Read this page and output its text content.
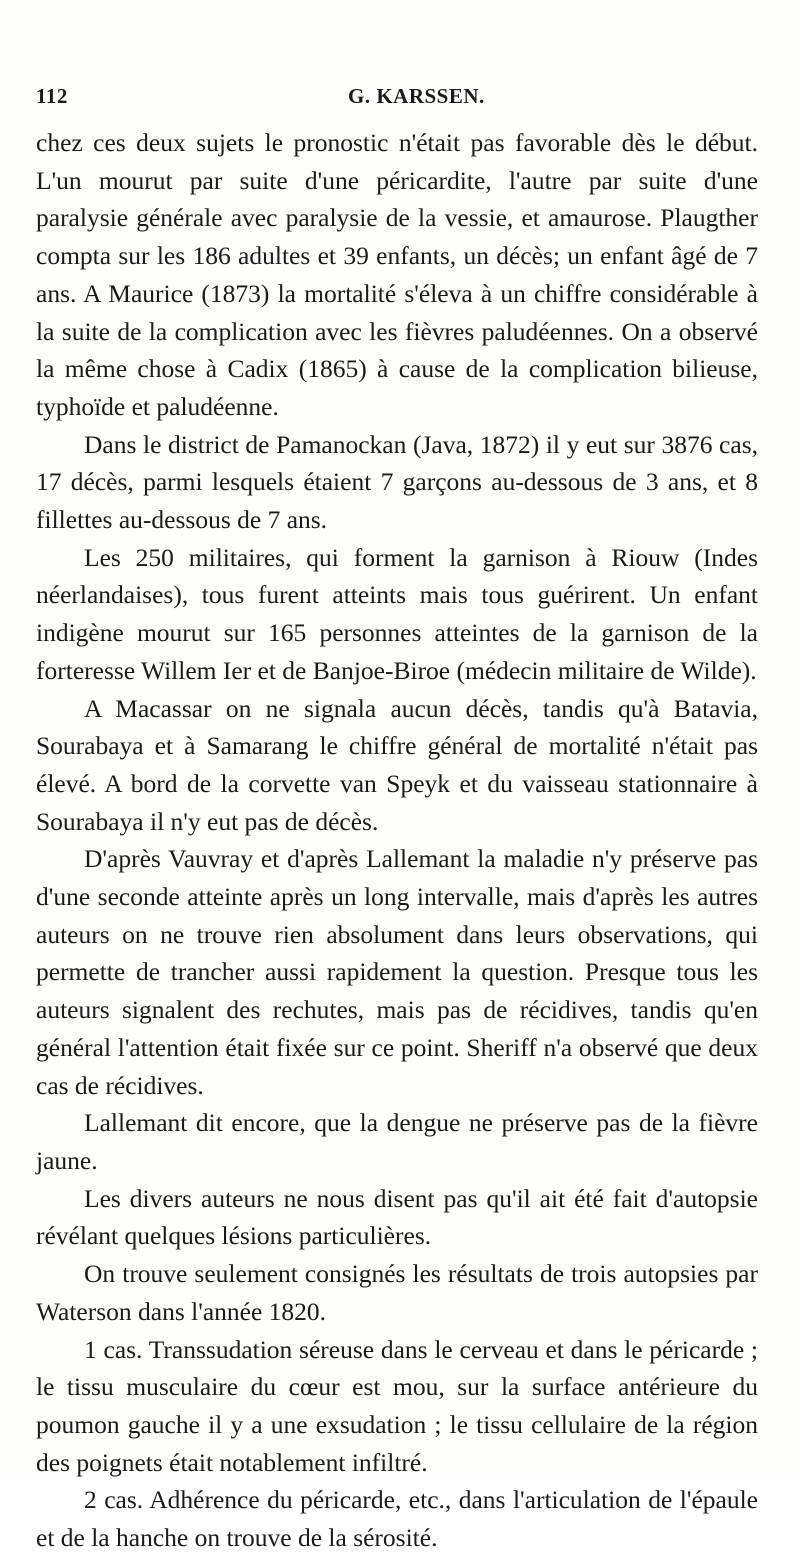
112	G. KARSSEN.

chez ces deux sujets le pronostic n'était pas favorable dès le début. L'un mourut par suite d'une péricardite, l'autre par suite d'une paralysie générale avec paralysie de la vessie, et amaurose. Plaugther compta sur les 186 adultes et 39 enfants, un décès; un enfant âgé de 7 ans. A Maurice (1873) la mortalité s'éleva à un chiffre considérable à la suite de la complication avec les fièvres paludéennes. On a observé la même chose à Cadix (1865) à cause de la complication bilieuse, typhoïde et paludéenne.

Dans le district de Pamanockan (Java, 1872) il y eut sur 3876 cas, 17 décès, parmi lesquels étaient 7 garçons au-dessous de 3 ans, et 8 fillettes au-dessous de 7 ans.

Les 250 militaires, qui forment la garnison à Riouw (Indes néerlandaises), tous furent atteints mais tous guérirent. Un enfant indigène mourut sur 165 personnes atteintes de la garnison de la forteresse Willem Ier et de Banjoe-Biroe (médecin militaire de Wilde).

A Macassar on ne signala aucun décès, tandis qu'à Batavia, Sourabaya et à Samarang le chiffre général de mortalité n'était pas élevé. A bord de la corvette van Speyk et du vaisseau stationnaire à Sourabaya il n'y eut pas de décès.

D'après Vauvray et d'après Lallemant la maladie n'y préserve pas d'une seconde atteinte après un long intervalle, mais d'après les autres auteurs on ne trouve rien absolument dans leurs observations, qui permette de trancher aussi rapidement la question. Presque tous les auteurs signalent des rechutes, mais pas de récidives, tandis qu'en général l'attention était fixée sur ce point. Sheriff n'a observé que deux cas de récidives.

Lallemant dit encore, que la dengue ne préserve pas de la fièvre jaune.

Les divers auteurs ne nous disent pas qu'il ait été fait d'autopsie révélant quelques lésions particulières.

On trouve seulement consignés les résultats de trois autopsies par Waterson dans l'année 1820.

1 cas. Transsudation séreuse dans le cerveau et dans le péricarde ; le tissu musculaire du cœur est mou, sur la surface antérieure du poumon gauche il y a une exsudation ; le tissu cellulaire de la région des poignets était notablement infiltré.

2 cas. Adhérence du péricarde, etc., dans l'articulation de l'épaule et de la hanche on trouve de la sérosité.
